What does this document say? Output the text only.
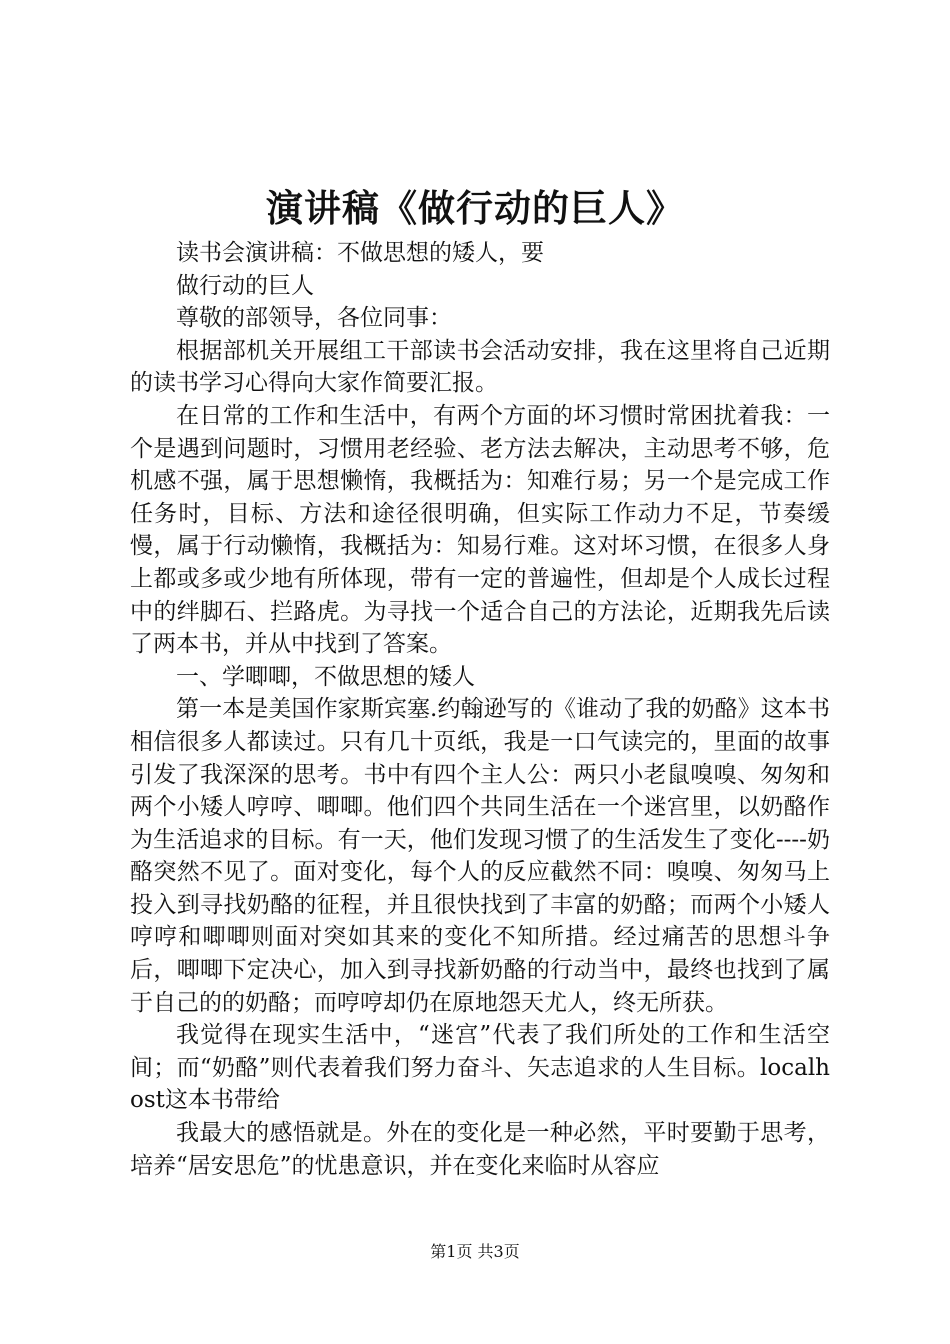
演讲稿《做行动的巨人》

读书会演讲稿：不做思想的矮人，要

做行动的巨人

尊敬的部领导，各位同事：

根据部机关开展组工干部读书会活动安排，我在这里将自己近期的读书学习心得向大家作简要汇报。

在日常的工作和生活中，有两个方面的坏习惯时常困扰着我：一个是遇到问题时，习惯用老经验、老方法去解决，主动思考不够，危机感不强，属于思想懒惰，我概括为：知难行易；另一个是完成工作任务时，目标、方法和途径很明确，但实际工作动力不足，节奏缓慢，属于行动懒惰，我概括为：知易行难。这对坏习惯，在很多人身上都或多或少地有所体现，带有一定的普遍性，但却是个人成长过程中的绊脚石、拦路虎。为寻找一个适合自己的方法论，近期我先后读了两本书，并从中找到了答案。

一、学唧唧，不做思想的矮人

第一本是美国作家斯宾塞.约翰逊写的《谁动了我的奶酪》这本书相信很多人都读过。只有几十页纸，我是一口气读完的，里面的故事引发了我深深的思考。书中有四个主人公：两只小老鼠嗅嗅、匆匆和两个小矮人哼哼、唧唧。他们四个共同生活在一个迷宫里，以奶酪作为生活追求的目标。有一天，他们发现习惯了的生活发生了变化----奶酪突然不见了。面对变化，每个人的反应截然不同：嗅嗅、匆匆马上投入到寻找奶酪的征程，并且很快找到了丰富的奶酪；而两个小矮人哼哼和唧唧则面对突如其来的变化不知所措。经过痛苦的思想斗争后，唧唧下定决心，加入到寻找新奶酪的行动当中，最终也找到了属于自己的的奶酪；而哼哼却仍在原地怨天尤人，终无所获。

我觉得在现实生活中，“迷宫”代表了我们所处的工作和生活空间；而“奶酪”则代表着我们努力奋斗、矢志追求的人生目标。localhost这本书带给

我最大的感悟就是。外在的变化是一种必然，平时要勤于思考，培养“居安思危”的忧患意识，并在变化来临时从容应

第1页 共3页
